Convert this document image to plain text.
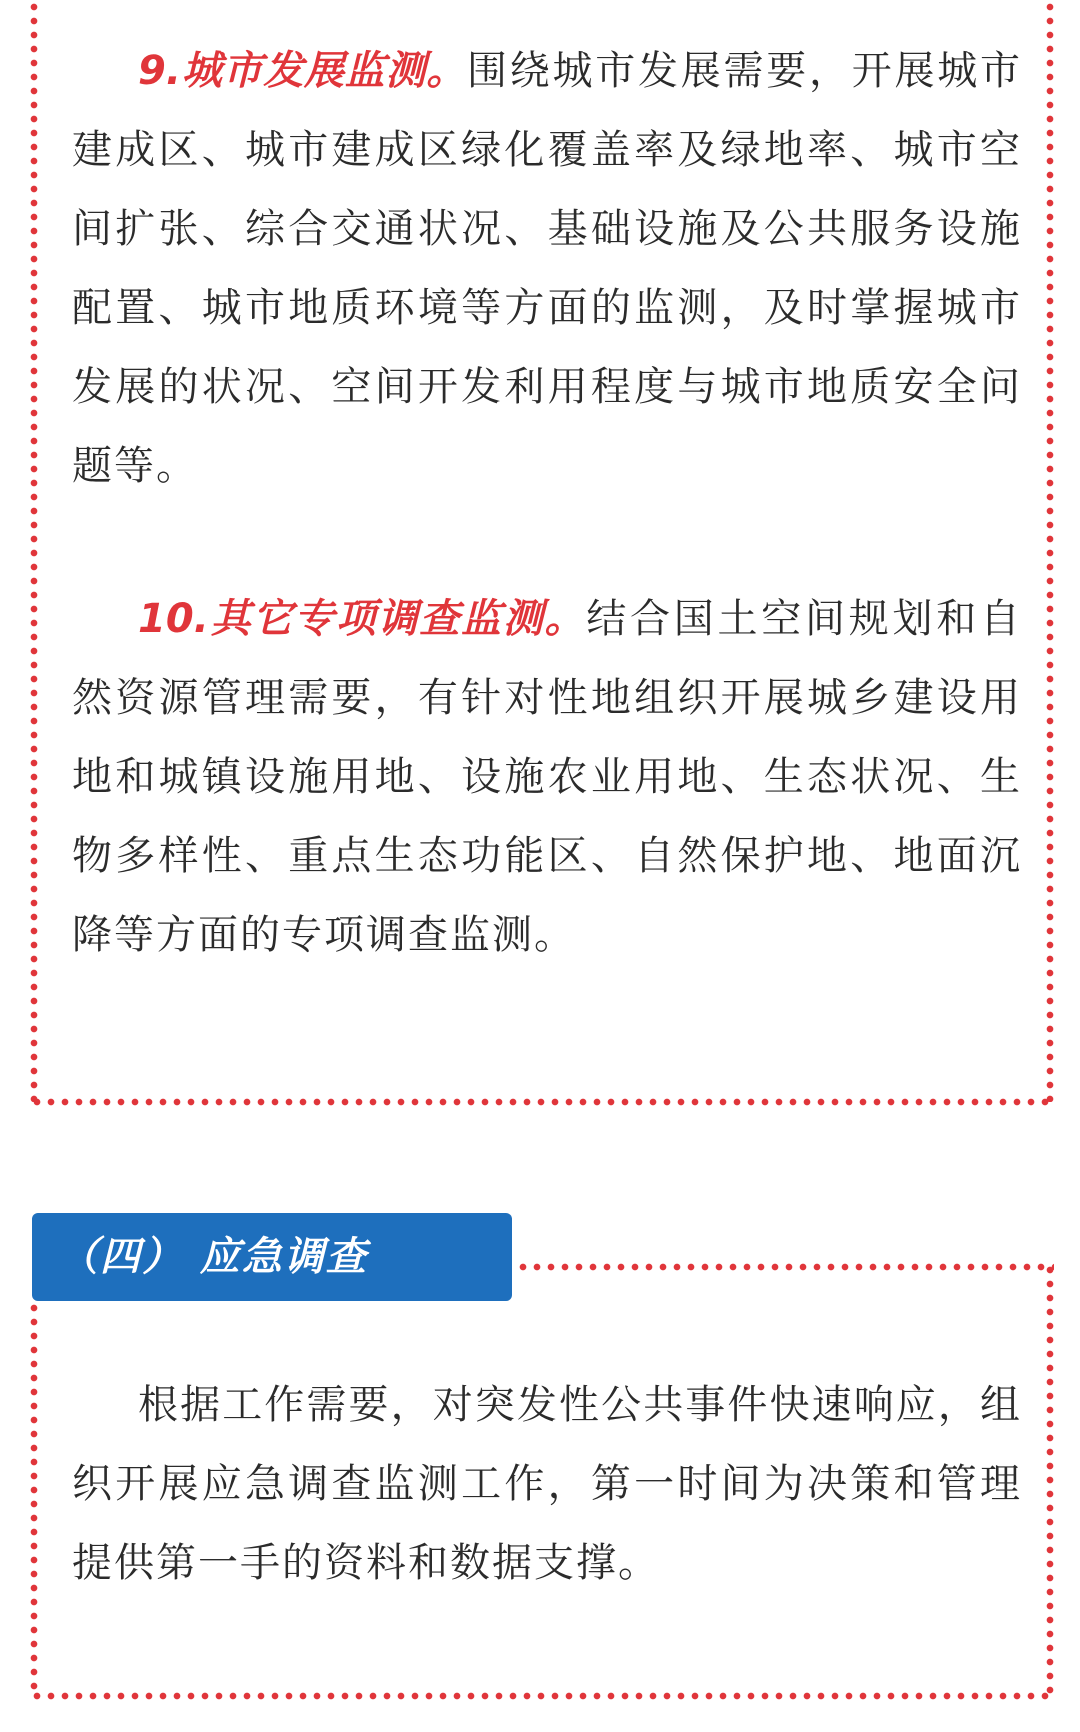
9.城市发展监测。围绕城市发展需要，开展城市建成区、城市建成区绿化覆盖率及绿地率、城市空间扩张、综合交通状况、基础设施及公共服务设施配置、城市地质环境等方面的监测，及时掌握城市发展的状况、空间开发利用程度与城市地质安全问题等。

10.其它专项调查监测。结合国土空间规划和自然资源管理需要，有针对性地组织开展城乡建设用地和城镇设施用地、设施农业用地、生态状况、生物多样性、重点生态功能区、自然保护地、地面沉降等方面的专项调查监测。

（四） 应急调查

根据工作需要，对突发性公共事件快速响应，组织开展应急调查监测工作，第一时间为决策和管理提供第一手的资料和数据支撑。
